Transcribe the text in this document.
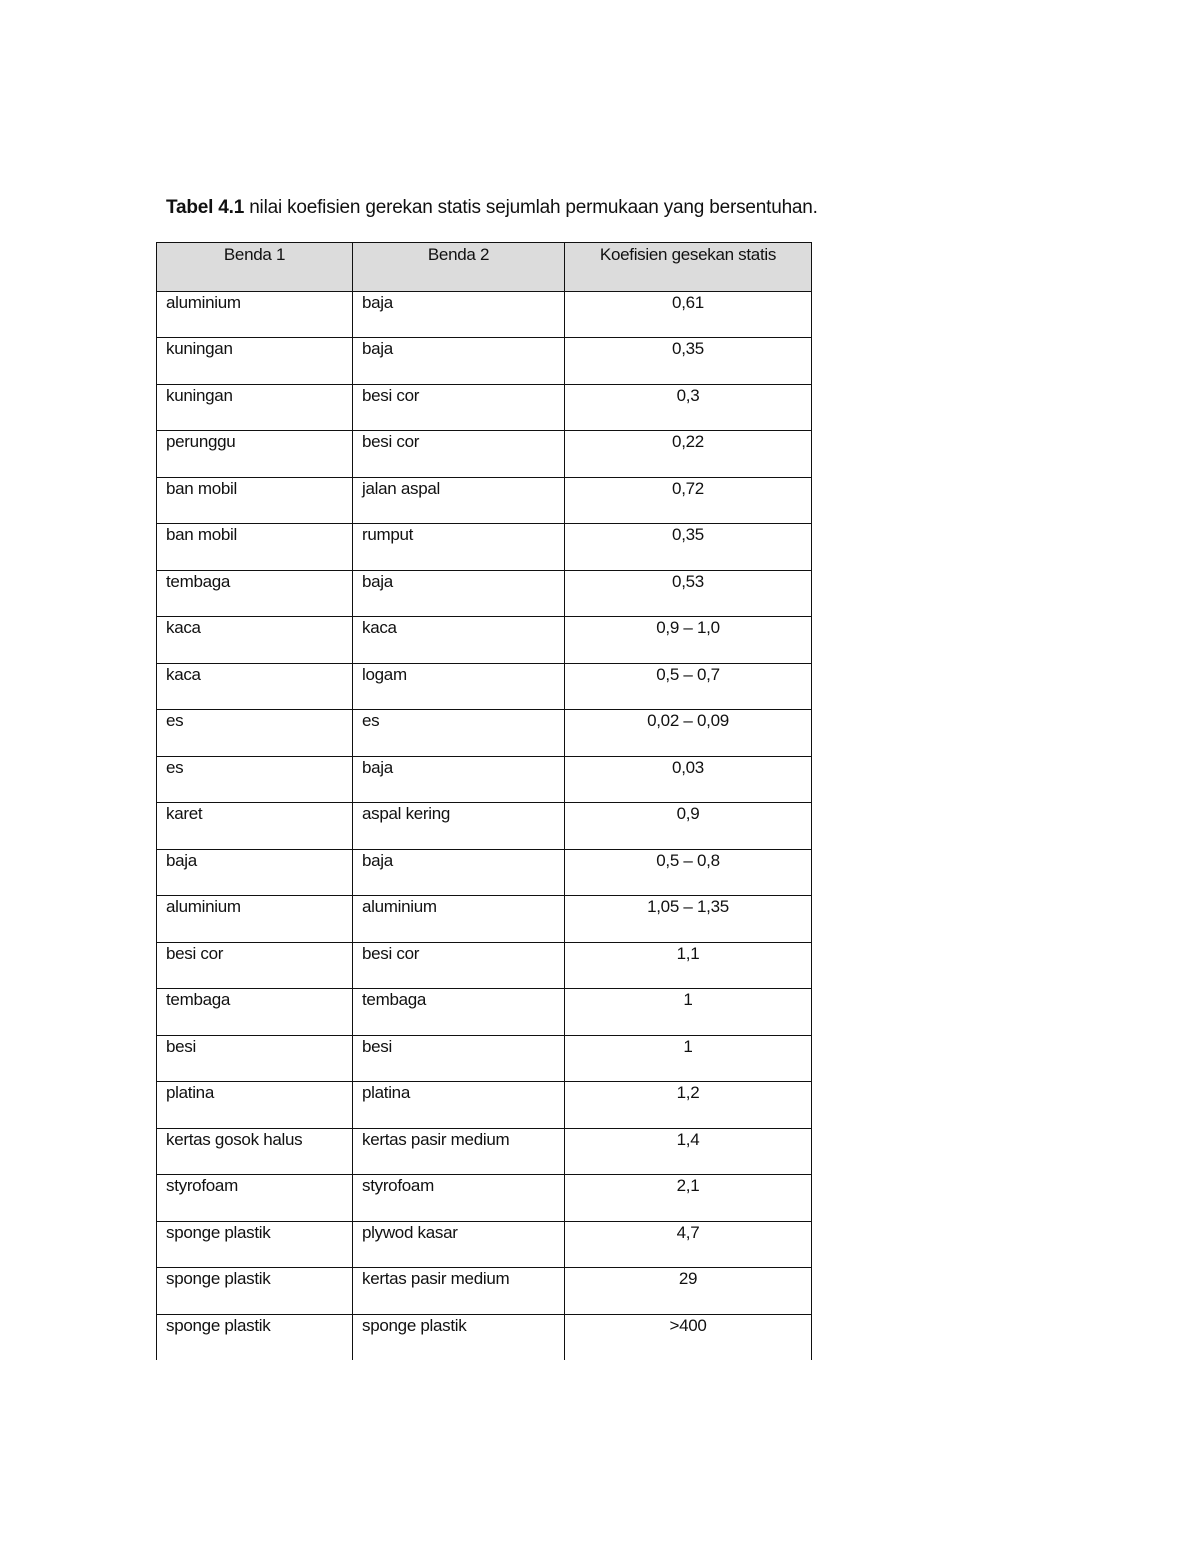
Tabel 4.1 nilai koefisien gerekan statis sejumlah permukaan yang bersentuhan.
Benda 1	Benda 2	Koefisien gesekan statis

aluminium	baja	0,61

kuningan	baja	0,35

kuningan	besi cor	0,3

perunggu	besi cor	0,22

ban mobil	jalan aspal	0,72

ban mobil	rumput	0,35

tembaga	baja	0,53

kaca	kaca	0,9 – 1,0

kaca	logam	0,5 – 0,7

es	es	0,02 – 0,09

es	baja	0,03

karet	aspal kering	0,9

baja	baja	0,5 – 0,8

aluminium	aluminium	1,05 – 1,35

besi cor	besi cor	1,1

tembaga	tembaga	1

besi	besi	1

platina	platina	1,2

kertas gosok halus	kertas pasir medium	1,4

styrofoam	styrofoam	2,1

sponge plastik	plywod kasar	4,7

sponge plastik	kertas pasir medium	29

sponge plastik	sponge plastik	>400
